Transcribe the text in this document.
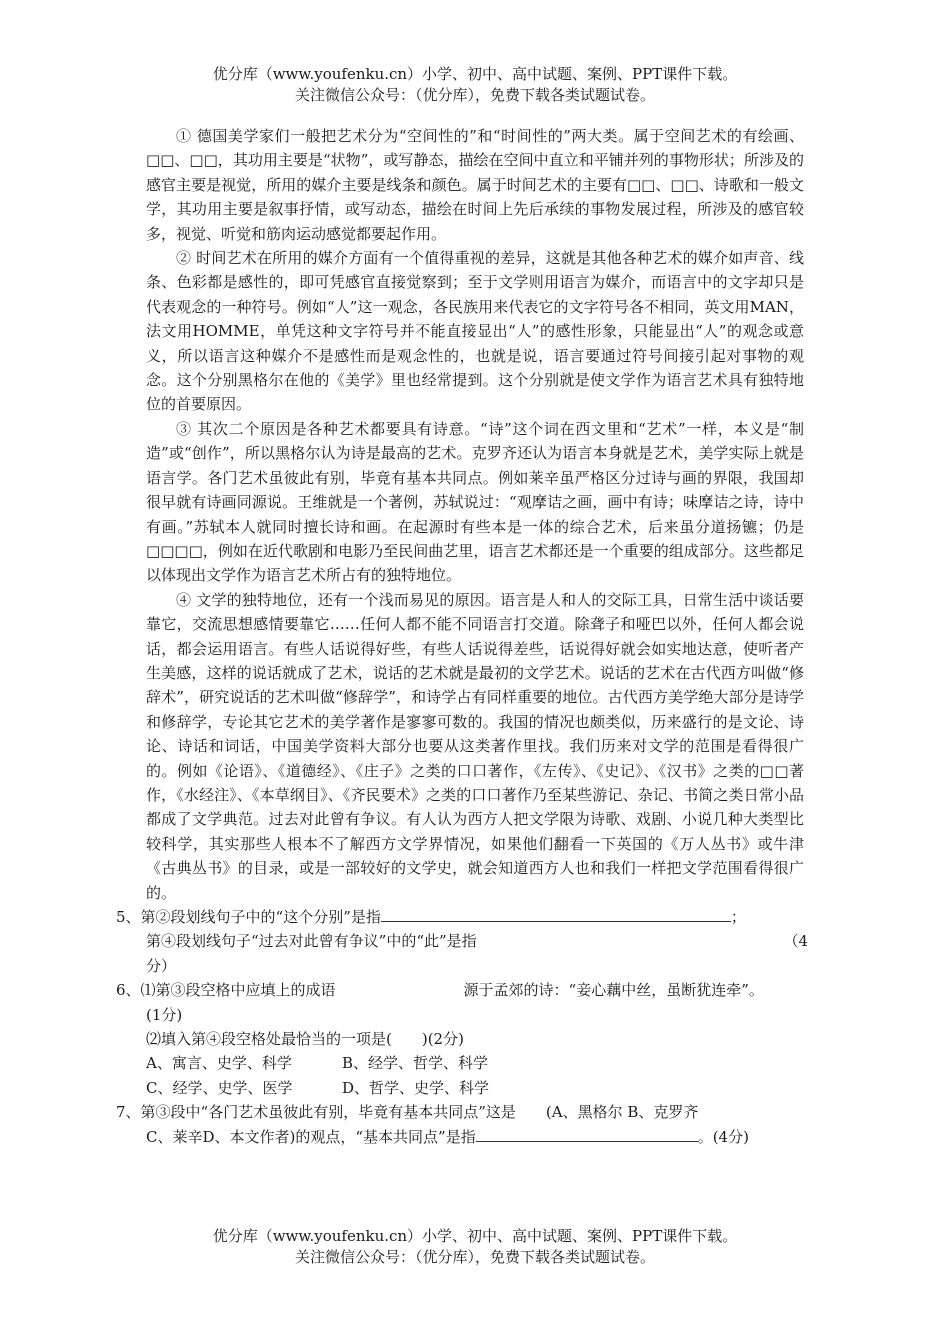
优分库（www.youfenku.cn）小学、初中、高中试题、案例、PPT课件下载。
关注微信公众号：（优分库），免费下载各类试题试卷。

① 德国美学家们一般把艺术分为“空间性的”和“时间性的”两大类。属于空间艺术的有绘画、□□、□□，其功用主要是“状物”，或写静态，描绘在空间中直立和平铺并列的事物形状；所涉及的感官主要是视觉，所用的媒介主要是线条和颜色。属于时间艺术的主要有□□、□□、诗歌和一般文学，其功用主要是叙事抒情，或写动态，描绘在时间上先后承续的事物发展过程，所涉及的感官较多，视觉、听觉和筋肉运动感觉都要起作用。

② 时间艺术在所用的媒介方面有一个值得重视的差异，这就是其他各种艺术的媒介如声音、线条、色彩都是感性的，即可凭感官直接觉察到；至于文学则用语言为媒介，而语言中的文字却只是代表观念的一种符号。例如“人”这一观念，各民族用来代表它的文字符号各不相同，英文用MAN，法文用HOMME，单凭这种文字符号并不能直接显出“人”的感性形象，只能显出“人”的观念或意义，所以语言这种媒介不是感性而是观念性的，也就是说，语言要通过符号间接引起对事物的观念。这个分别黑格尔在他的《美学》里也经常提到。这个分别就是使文学作为语言艺术具有独特地位的首要原因。

③ 其次二个原因是各种艺术都要具有诗意。“诗”这个词在西文里和“艺术”一样，本义是“制造”或“创作”，所以黑格尔认为诗是最高的艺术。克罗齐还认为语言本身就是艺术，美学实际上就是语言学。各门艺术虽彼此有别，毕竟有基本共同点。例如莱辛虽严格区分过诗与画的界限，我国却很早就有诗画同源说。王维就是一个著例，苏轼说过：“观摩诘之画，画中有诗；味摩诘之诗，诗中有画。”苏轼本人就同时擅长诗和画。在起源时有些本是一体的综合艺术，后来虽分道扬镳；仍是□□□□，例如在近代歌剧和电影乃至民间曲艺里，语言艺术都还是一个重要的组成部分。这些都足以体现出文学作为语言艺术所占有的独特地位。

④ 文学的独特地位，还有一个浅而易见的原因。语言是人和人的交际工具，日常生活中谈话要靠它，交流思想感情要靠它……任何人都不能不同语言打交道。除聋子和哑巴以外，任何人都会说话，都会运用语言。有些人话说得好些，有些人话说得差些，话说得好就会如实地达意，使听者产生美感，这样的说话就成了艺术，说话的艺术就是最初的文学艺术。说话的艺术在古代西方叫做“修辞术”，研究说话的艺术叫做“修辞学”，和诗学占有同样重要的地位。古代西方美学绝大部分是诗学和修辞学，专论其它艺术的美学著作是寥寥可数的。我国的情况也颇类似，历来盛行的是文论、诗论、诗话和词话，中国美学资料大部分也要从这类著作里找。我们历来对文学的范围是看得很广的。例如《论语》、《道德经》、《庄子》之类的口口著作，《左传》、《史记》、《汉书》之类的□□著作，《水经注》、《本草纲目》、《齐民要术》之类的口口著作乃至某些游记、杂记、书简之类日常小品都成了文学典范。过去对此曾有争议。有人认为西方人把文学限为诗歌、戏剧、小说几种大类型比较科学，其实那些人根本不了解西方文学界情况，如果他们翻看一下英国的《万人丛书》或牛津《古典丛书》的目录，或是一部较好的文学史，就会知道西方人也和我们一样把文学范围看得很广的。

5、第②段划线句子中的“这个分别”是指	；

第④段划线句子“过去对此曾有争议”中的“此”是指	（4

分）

6、⑴第③段空格中应填上的成语	源于孟郊的诗：“妾心藕中丝，虽断犹连牵”。

(1分)

⑵填入第④段空格处最恰当的一项是(　　)(2分)

A、寓言、史学、科学	B、经学、哲学、科学

C、经学、史学、医学	D、哲学、史学、科学

7、第③段中“各门艺术虽彼此有别，毕竟有基本共同点”这是　　(A、黑格尔 B、克罗齐

C、莱辛D、本文作者)的观点，“基本共同点”是指	。(4分)

优分库（www.youfenku.cn）小学、初中、高中试题、案例、PPT课件下载。
关注微信公众号：（优分库），免费下载各类试题试卷。
